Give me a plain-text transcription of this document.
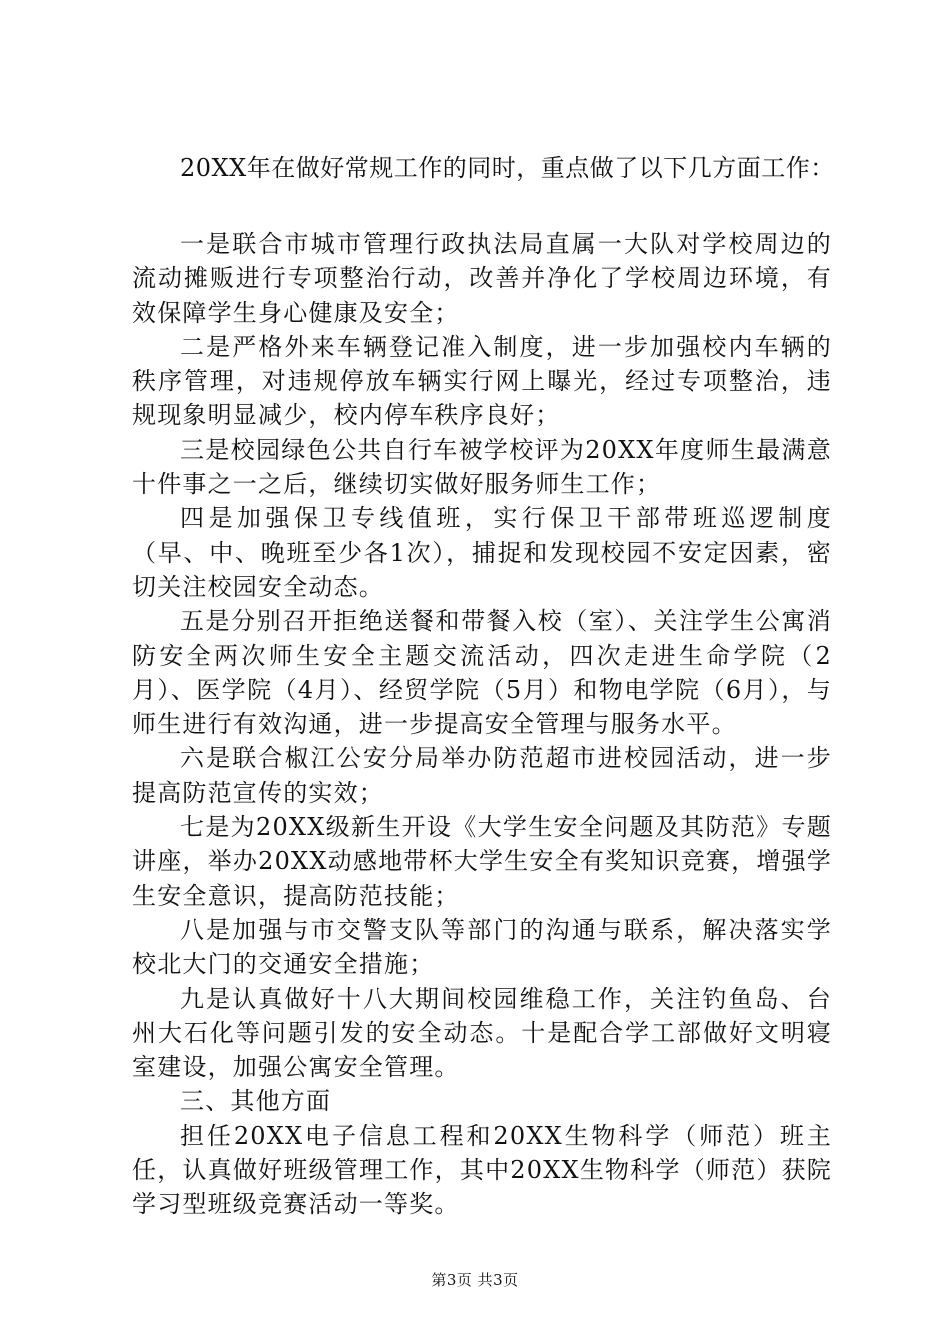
20XX年在做好常规工作的同时，重点做了以下几方面工作：

一是联合市城市管理行政执法局直属一大队对学校周边的流动摊贩进行专项整治行动，改善并净化了学校周边环境，有效保障学生身心健康及安全；

二是严格外来车辆登记准入制度，进一步加强校内车辆的秩序管理，对违规停放车辆实行网上曝光，经过专项整治，违规现象明显减少，校内停车秩序良好；

三是校园绿色公共自行车被学校评为20XX年度师生最满意十件事之一之后，继续切实做好服务师生工作；

四是加强保卫专线值班，实行保卫干部带班巡逻制度（早、中、晚班至少各1次），捕捉和发现校园不安定因素，密切关注校园安全动态。

五是分别召开拒绝送餐和带餐入校（室）、关注学生公寓消防安全两次师生安全主题交流活动，四次走进生命学院（2月）、医学院（4月）、经贸学院（5月）和物电学院（6月），与师生进行有效沟通，进一步提高安全管理与服务水平。

六是联合椒江公安分局举办防范超市进校园活动，进一步提高防范宣传的实效；

七是为20XX级新生开设《大学生安全问题及其防范》专题讲座，举办20XX动感地带杯大学生安全有奖知识竞赛，增强学生安全意识，提高防范技能；

八是加强与市交警支队等部门的沟通与联系，解决落实学校北大门的交通安全措施；

九是认真做好十八大期间校园维稳工作，关注钓鱼岛、台州大石化等问题引发的安全动态。十是配合学工部做好文明寝室建设，加强公寓安全管理。

三、其他方面

担任20XX电子信息工程和20XX生物科学（师范）班主任，认真做好班级管理工作，其中20XX生物科学（师范）获院学习型班级竞赛活动一等奖。

第3页 共3页
